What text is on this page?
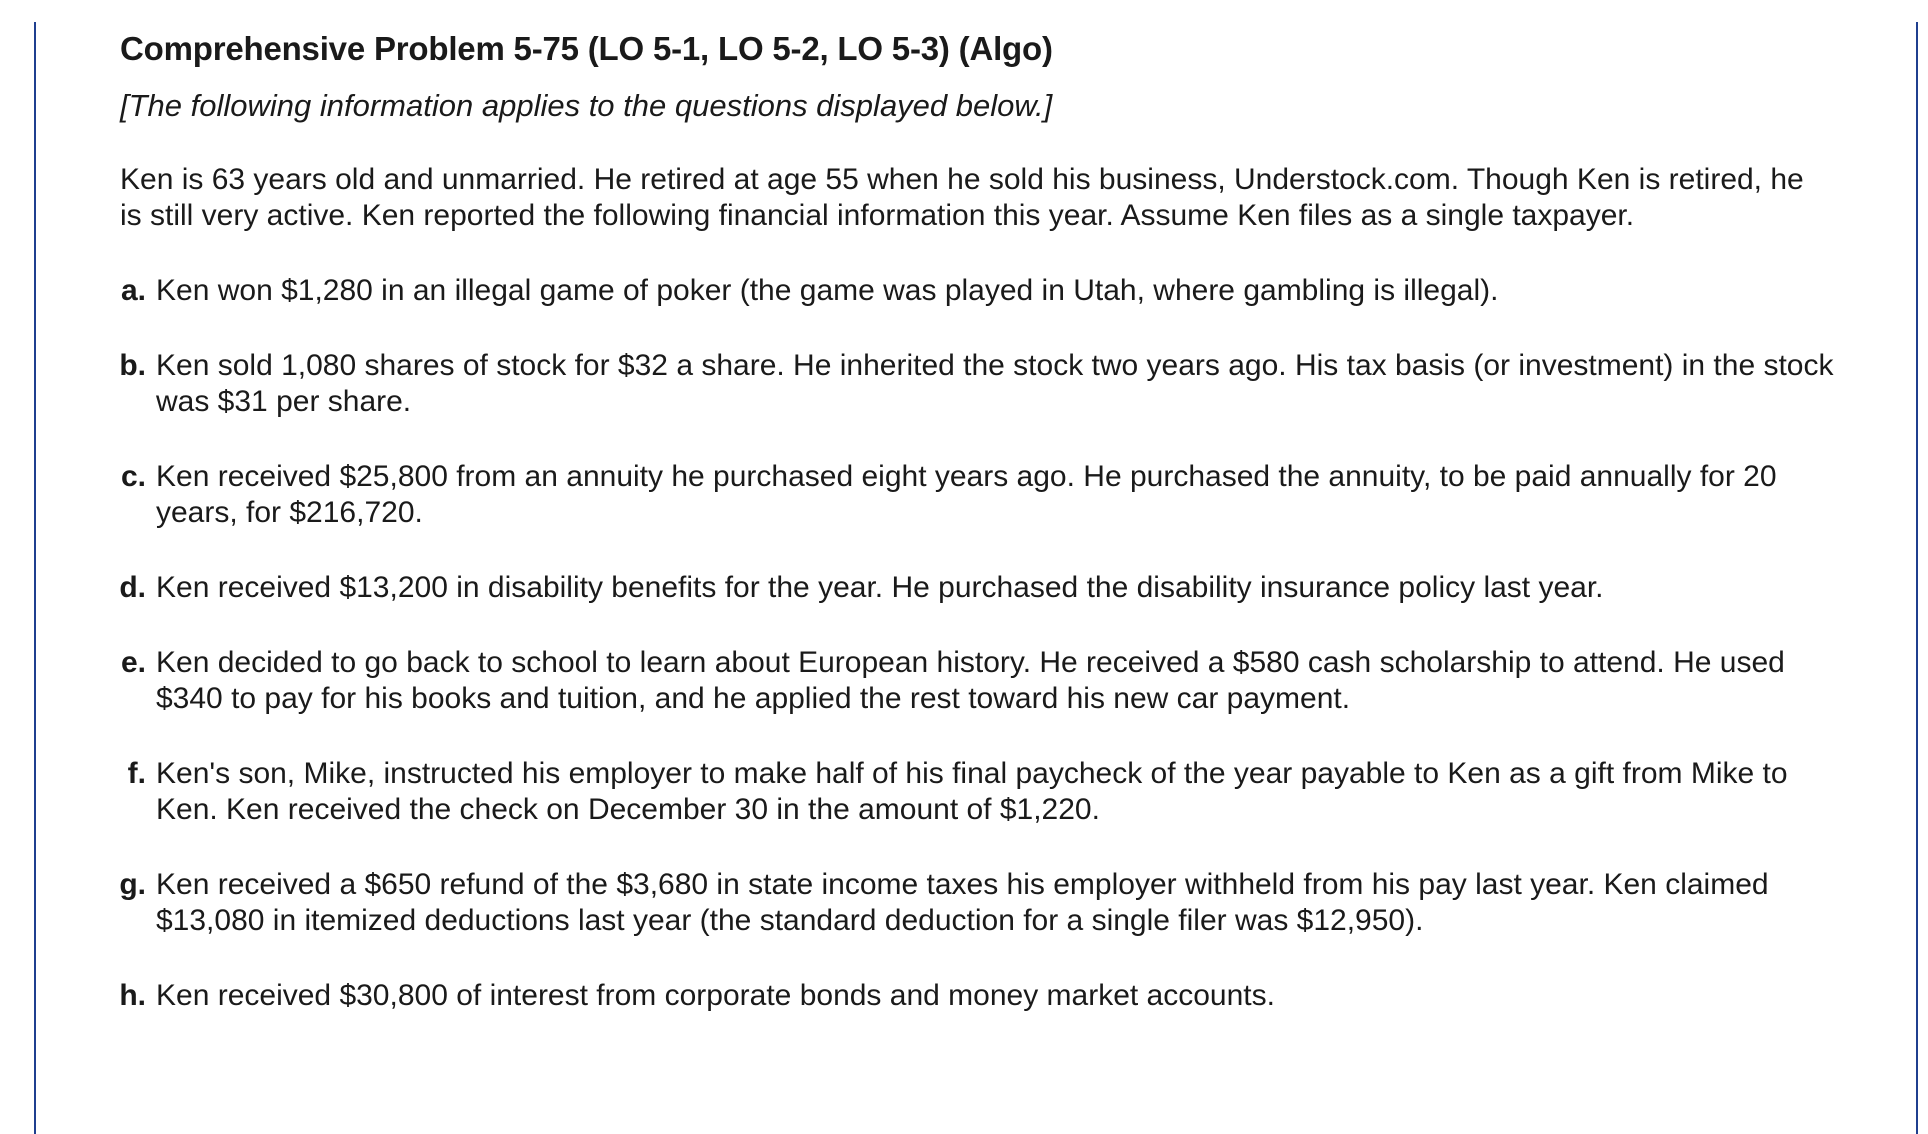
Comprehensive Problem 5-75 (LO 5-1, LO 5-2, LO 5-3) (Algo)

[The following information applies to the questions displayed below.]

Ken is 63 years old and unmarried. He retired at age 55 when he sold his business, Understock.com. Though Ken is retired, he is still very active. Ken reported the following financial information this year. Assume Ken files as a single taxpayer.

a. Ken won $1,280 in an illegal game of poker (the game was played in Utah, where gambling is illegal).
b. Ken sold 1,080 shares of stock for $32 a share. He inherited the stock two years ago. His tax basis (or investment) in the stock was $31 per share.
c. Ken received $25,800 from an annuity he purchased eight years ago. He purchased the annuity, to be paid annually for 20 years, for $216,720.
d. Ken received $13,200 in disability benefits for the year. He purchased the disability insurance policy last year.
e. Ken decided to go back to school to learn about European history. He received a $580 cash scholarship to attend. He used $340 to pay for his books and tuition, and he applied the rest toward his new car payment.
f. Ken's son, Mike, instructed his employer to make half of his final paycheck of the year payable to Ken as a gift from Mike to Ken. Ken received the check on December 30 in the amount of $1,220.
g. Ken received a $650 refund of the $3,680 in state income taxes his employer withheld from his pay last year. Ken claimed $13,080 in itemized deductions last year (the standard deduction for a single filer was $12,950).
h. Ken received $30,800 of interest from corporate bonds and money market accounts.
